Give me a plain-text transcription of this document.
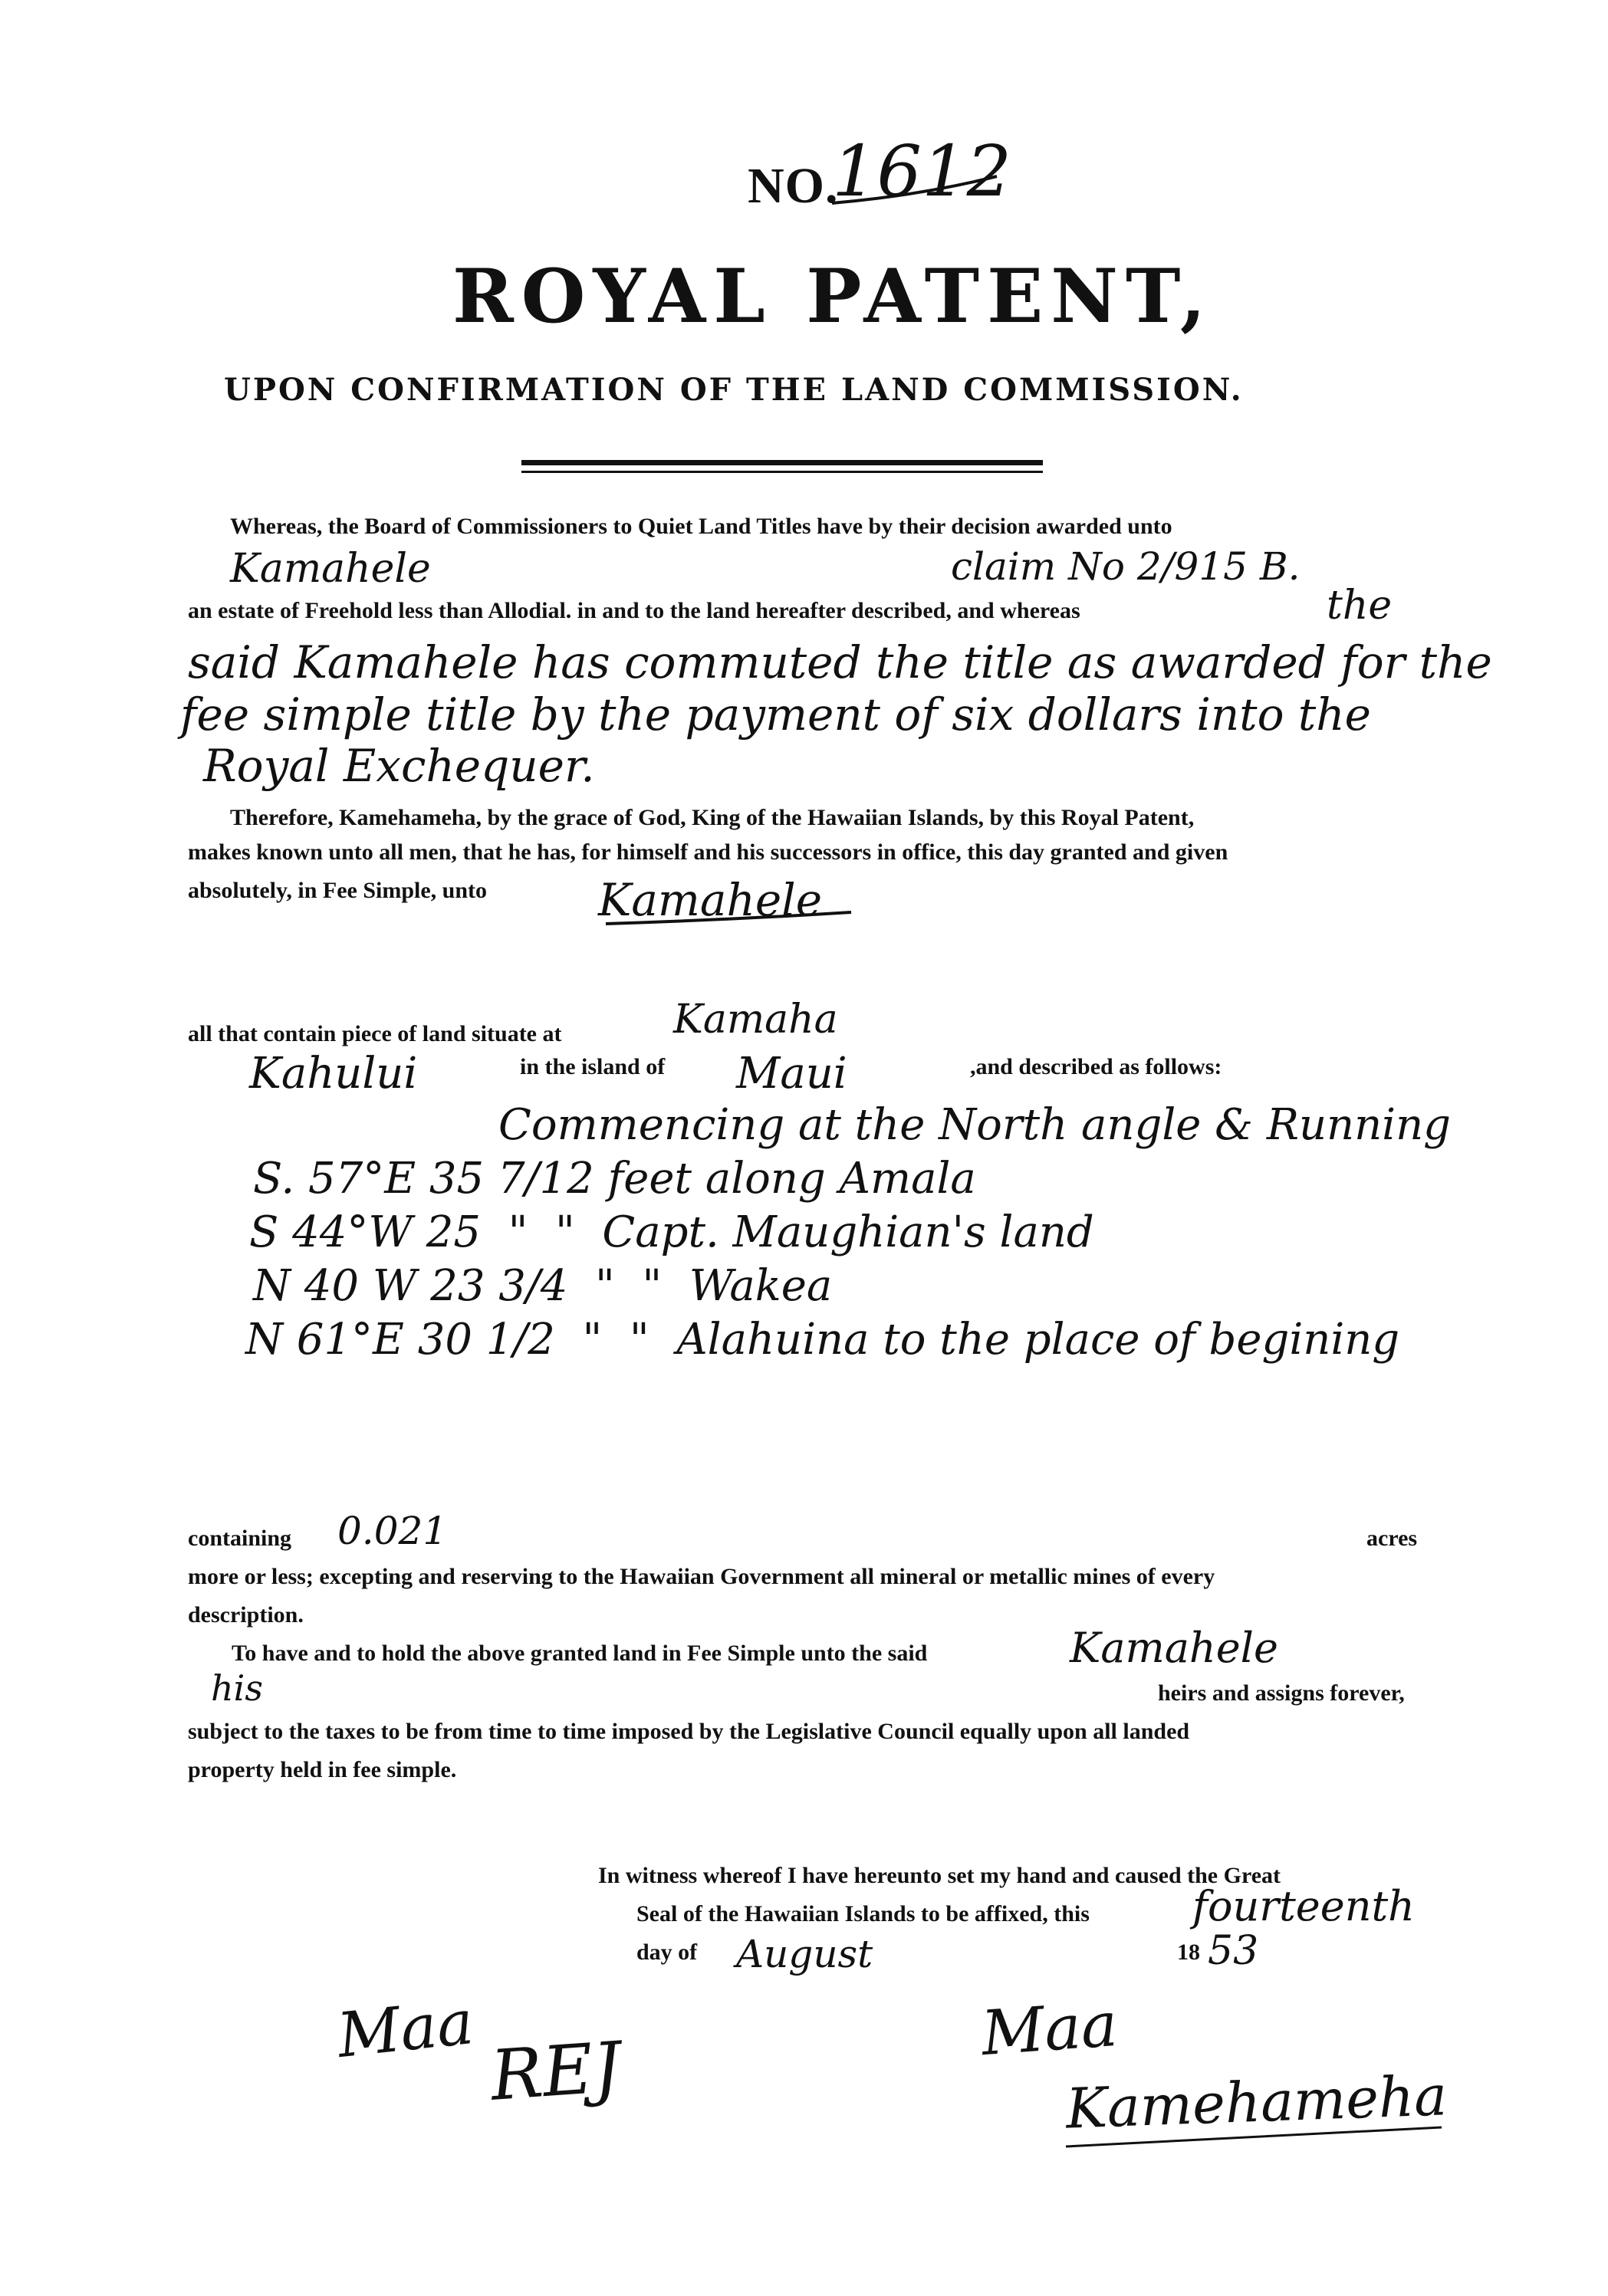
NO.
1612
ROYAL PATENT,
UPON CONFIRMATION OF THE LAND COMMISSION.
Whereas, the Board of Commissioners to Quiet Land Titles have by their decision awarded unto
Kamahele	claim No 2/915 B.
an estate of Freehold less than Allodial. in and to the land hereafter described, and whereas	the
said Kamahele has commuted the title as awarded for the
fee simple title by the payment of six dollars into the
Royal Exchequer.
Therefore, Kamehameha, by the grace of God, King of the Hawaiian Islands, by this Royal Patent,
makes known unto all men, that he has, for himself and his successors in office, this day granted and given
absolutely, in Fee Simple, unto Kamahele
all that contain piece of land situate at	Kamaha
Kahului	in the island of Maui	,and described as follows:
Commencing at the North angle & Running
S. 57°E 35 7/12 feet along Amala
S 44°W 25  "  "  Capt. Maughian's land
N 40 W 23 3/4  "  "  Wakea
N 61°E 30 1/2  "  "  Alahuina to the place of begining
containing 0.021	acres
more or less; excepting and reserving to the Hawaiian Government all mineral or metallic mines of every
description.
To have and to hold the above granted land in Fee Simple unto the said	Kamahele
his	heirs and assigns forever,
subject to the taxes to be from time to time imposed by the Legislative Council equally upon all landed
property held in fee simple.
In witness whereof I have hereunto set my hand and caused the Great
Seal of the Hawaiian Islands to be affixed, this fourteenth
day of August	18 53
Maa REJ	Maa
Kamehameha
